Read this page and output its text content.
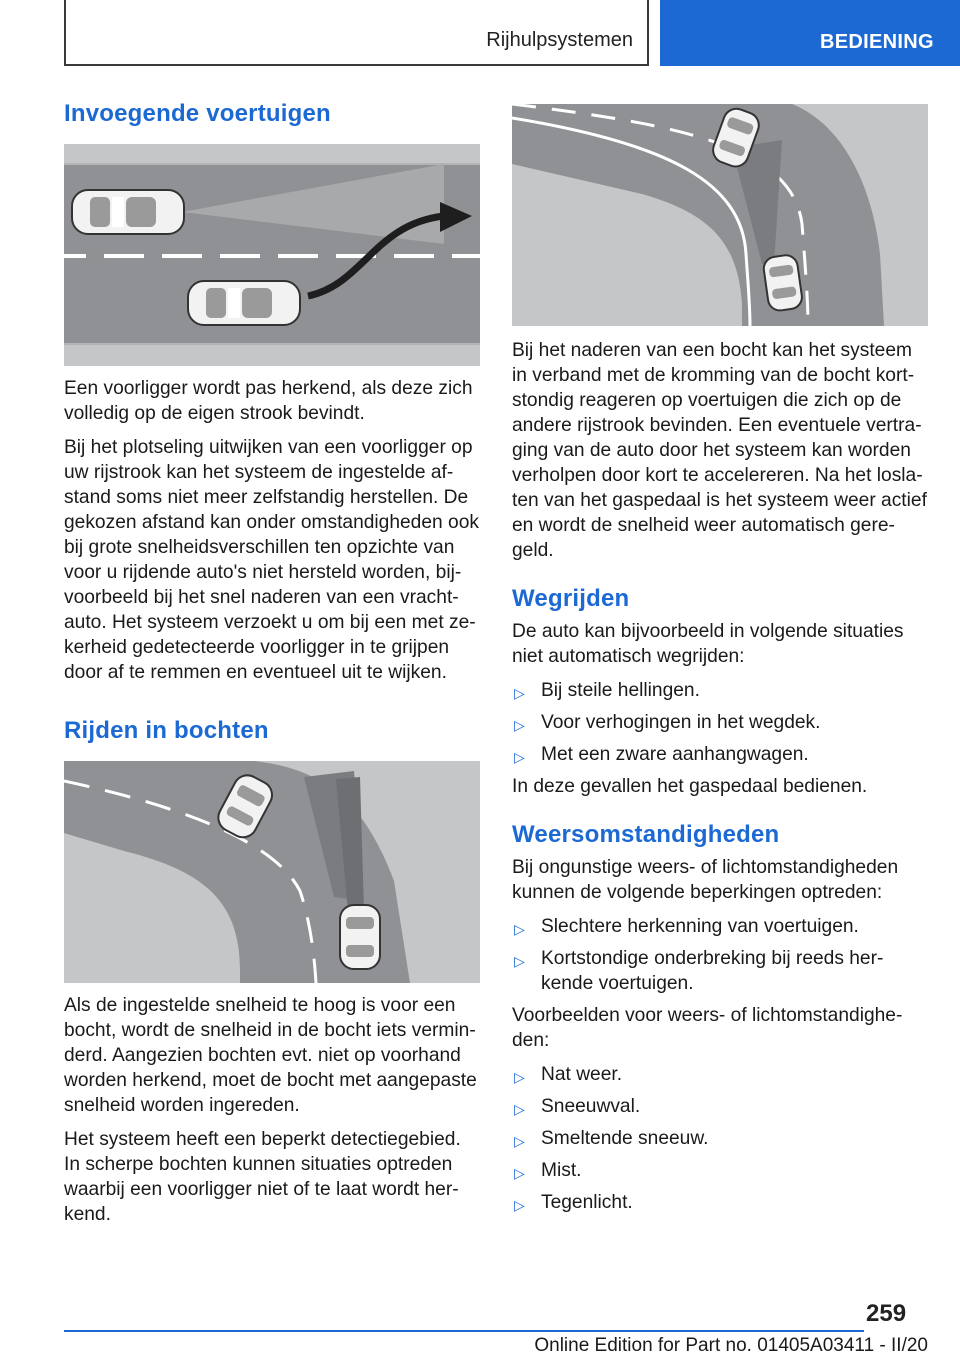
Rijhulpsystemen	BEDIENING
Invoegende voertuigen

Een voorligger wordt pas herkend, als deze zich volledig op de eigen strook bevindt.

Bij het plotseling uitwijken van een voorligger op uw rijstrook kan het systeem de ingestelde afstand soms niet meer zelfstandig herstellen. De gekozen afstand kan onder omstandigheden ook bij grote snelheidsverschillen ten opzichte van voor u rijdende auto's niet hersteld worden, bijvoorbeeld bij het snel naderen van een vrachtauto. Het systeem verzoekt u om bij een met zekerheid gedetecteerde voorligger in te grijpen door af te remmen en eventueel uit te wijken.

Rijden in bochten

Als de ingestelde snelheid te hoog is voor een bocht, wordt de snelheid in de bocht iets verminderd. Aangezien bochten evt. niet op voorhand worden herkend, moet de bocht met aangepaste snelheid worden ingereden.

Het systeem heeft een beperkt detectiegebied. In scherpe bochten kunnen situaties optreden waarbij een voorligger niet of te laat wordt herkend.

Bij het naderen van een bocht kan het systeem in verband met de kromming van de bocht kortstondig reageren op voertuigen die zich op de andere rijstrook bevinden. Een eventuele vertraging van de auto door het systeem kan worden verholpen door kort te accelereren. Na het loslaten van het gaspedaal is het systeem weer actief en wordt de snelheid weer automatisch geregeld.

Wegrijden

De auto kan bijvoorbeeld in volgende situaties niet automatisch wegrijden:

▷ Bij steile hellingen.
▷ Voor verhogingen in het wegdek.
▷ Met een zware aanhangwagen.

In deze gevallen het gaspedaal bedienen.

Weersomstandigheden

Bij ongunstige weers- of lichtomstandigheden kunnen de volgende beperkingen optreden:

▷ Slechtere herkenning van voertuigen.
▷ Kortstondige onderbreking bij reeds herkende voertuigen.

Voorbeelden voor weers- of lichtomstandigheden:

▷ Nat weer.
▷ Sneeuwval.
▷ Smeltende sneeuw.
▷ Mist.
▷ Tegenlicht.
259
Online Edition for Part no. 01405A03411 - II/20
